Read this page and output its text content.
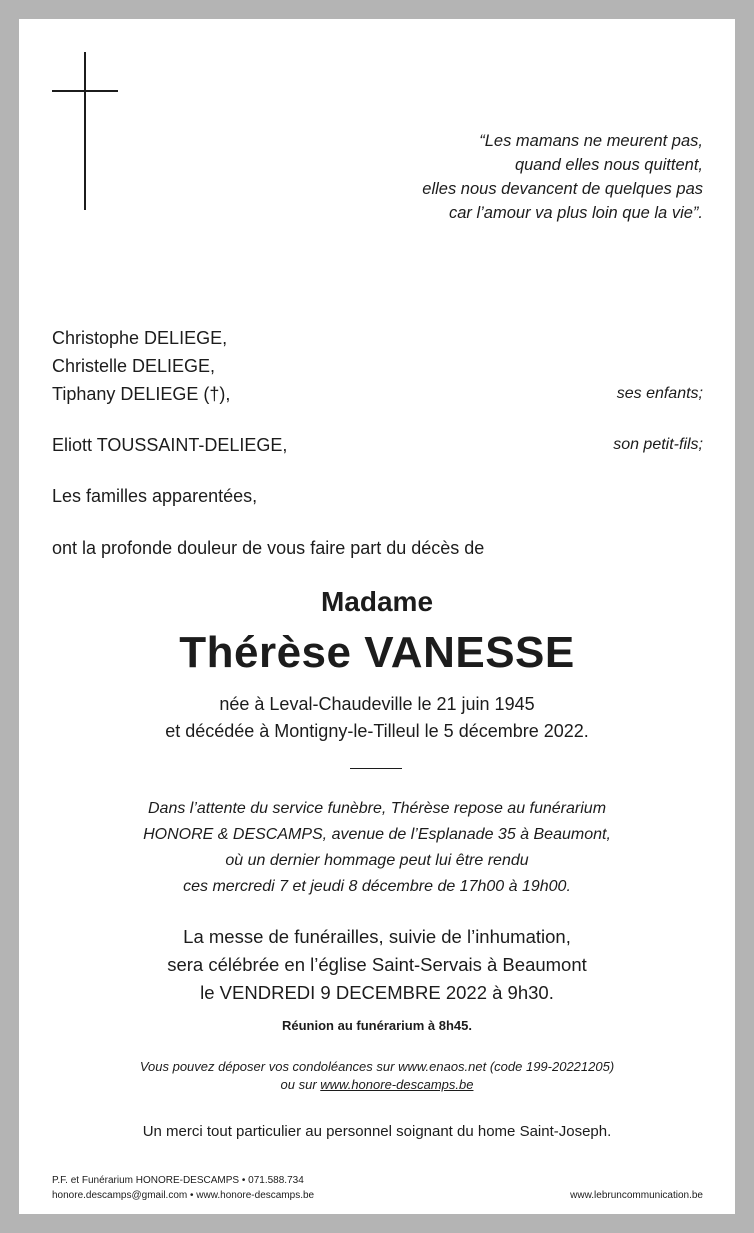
“Les mamans ne meurent pas,
quand elles nous quittent,
elles nous devancent de quelques pas
car l’amour va plus loin que la vie”.
Christophe DELIEGE,
Christelle DELIEGE,
Tiphany DELIEGE (†),	ses enfants;
Eliott TOUSSAINT-DELIEGE,	son petit-fils;
Les familles apparentées,
ont la profonde douleur de vous faire part du décès de
Madame
Thérèse VANESSE
née à Leval-Chaudeville le 21 juin 1945
et décédée à Montigny-le-Tilleul le 5 décembre 2022.
Dans l’attente du service funèbre, Thérèse repose au funérarium
HONORE & DESCAMPS, avenue de l’Esplanade 35 à Beaumont,
où un dernier hommage peut lui être rendu
ces mercredi 7 et jeudi 8 décembre de 17h00 à 19h00.
La messe de funérailles, suivie de l’inhumation,
sera célébrée en l’église Saint-Servais à Beaumont
le VENDREDI 9 DECEMBRE 2022 à 9h30.
Réunion au funérarium à 8h45.
Vous pouvez déposer vos condoléances sur www.enaos.net (code 199-20221205)
ou sur www.honore-descamps.be
Un merci tout particulier au personnel soignant du home Saint-Joseph.
P.F. et Funérarium HONORE-DESCAMPS • 071.588.734
honore.descamps@gmail.com • www.honore-descamps.be	www.lebruncommunication.be
